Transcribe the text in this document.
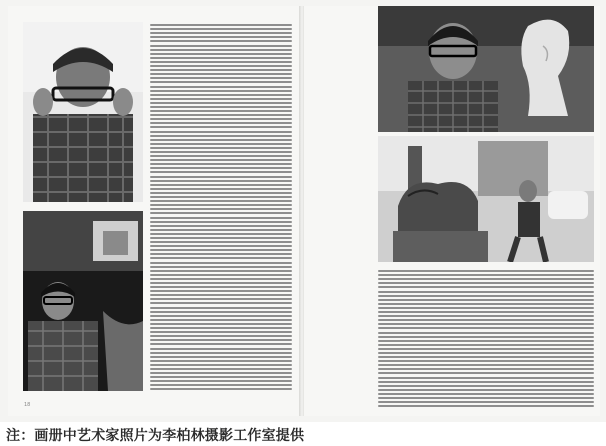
18
注：画册中艺术家照片为李柏林摄影工作室提供
